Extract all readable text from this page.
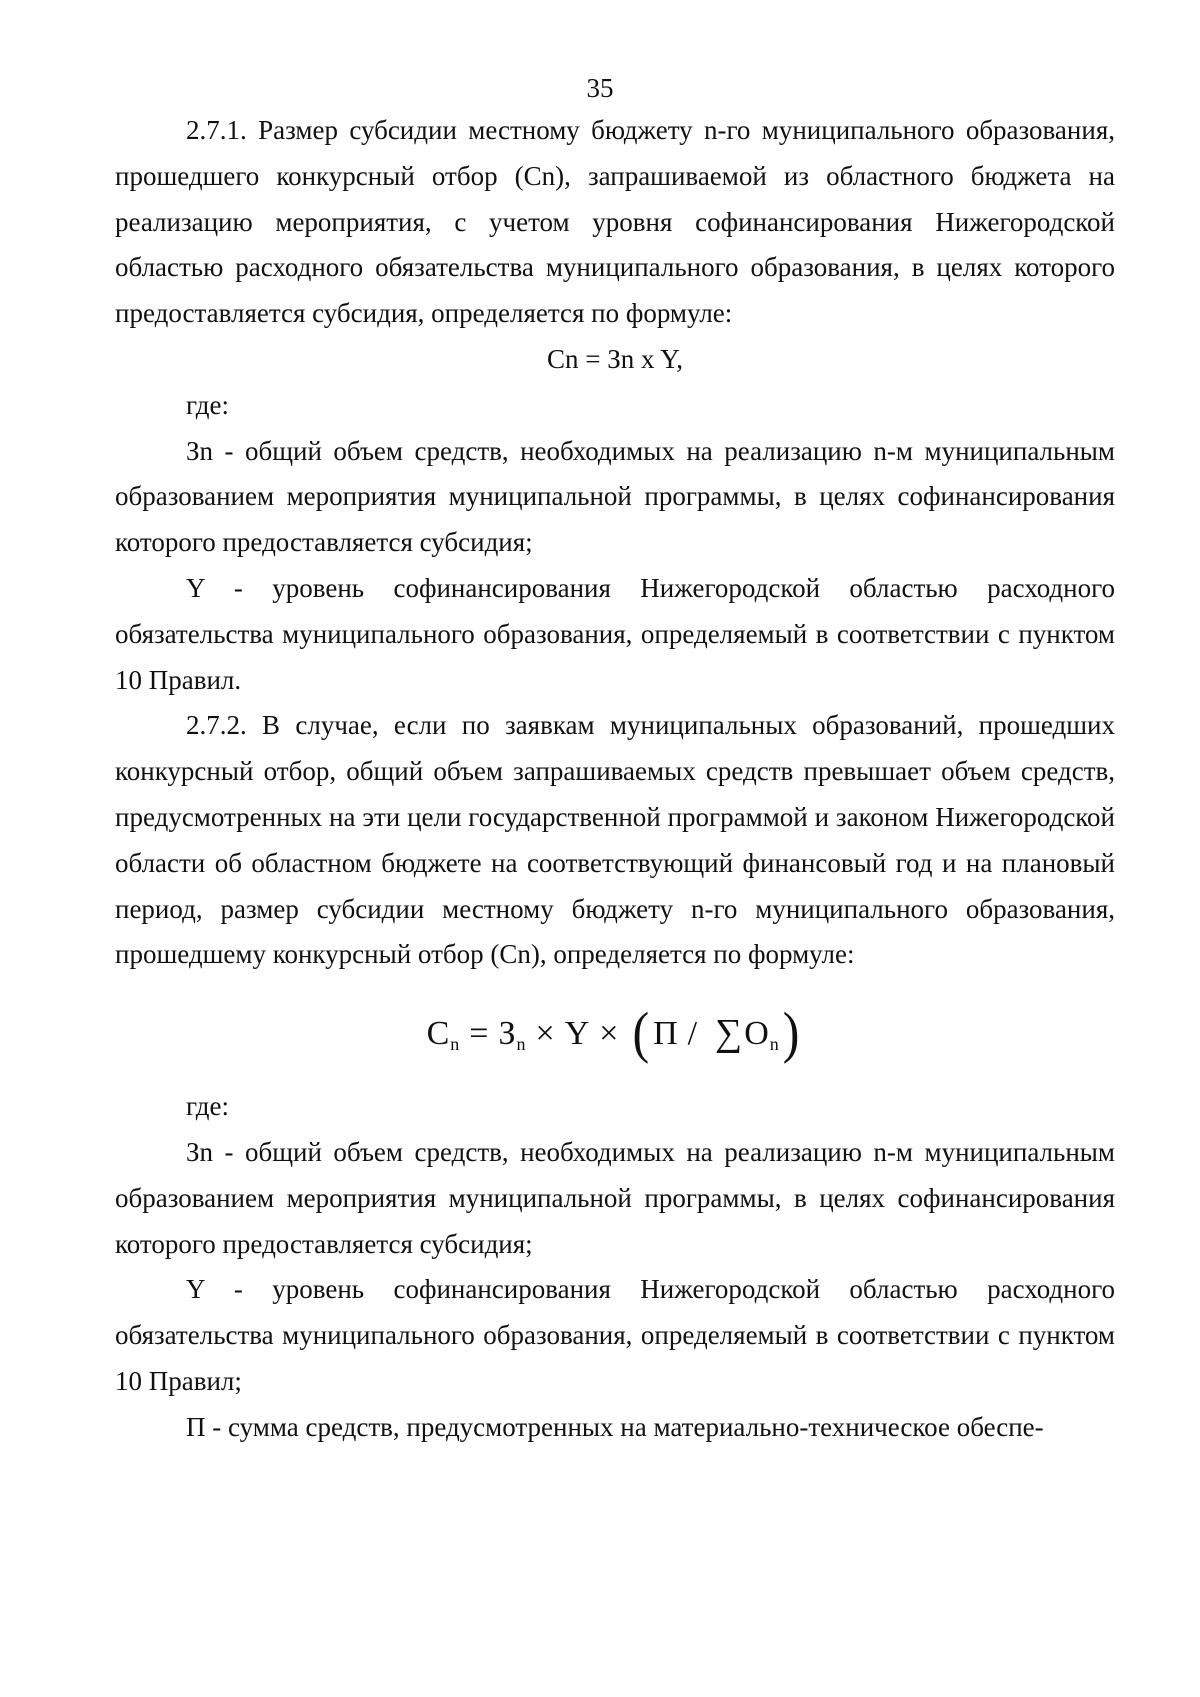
35

2.7.1. Размер субсидии местному бюджету n-го муниципального образования, прошедшего конкурсный отбор (Cn), запрашиваемой из областного бюджета на реализацию мероприятия, с учетом уровня софинансирования Нижегородской областью расходного обязательства муниципального образования, в целях которого предоставляется субсидия, определяется по формуле:

Cn = Зn x Y,

где:

Зn - общий объем средств, необходимых на реализацию n-м муниципальным образованием мероприятия муниципальной программы, в целях софинансирования которого предоставляется субсидия;

Y - уровень софинансирования Нижегородской областью расходного обязательства муниципального образования, определяемый в соответствии с пунктом 10 Правил.

2.7.2. В случае, если по заявкам муниципальных образований, прошедших конкурсный отбор, общий объем запрашиваемых средств превышает объем средств, предусмотренных на эти цели государственной программой и законом Нижегородской области об областном бюджете на соответствующий финансовый год и на плановый период, размер субсидии местному бюджету n-го муниципального образования, прошедшему конкурсный отбор (Cn), определяется по формуле:

C n = З n × Y × ( П / ∑ O n )

где:

Зn - общий объем средств, необходимых на реализацию n-м муниципальным образованием мероприятия муниципальной программы, в целях софинансирования которого предоставляется субсидия;

Y - уровень софинансирования Нижегородской областью расходного обязательства муниципального образования, определяемый в соответствии с пунктом 10 Правил;

П - сумма средств, предусмотренных на материально-техническое обеспе-
